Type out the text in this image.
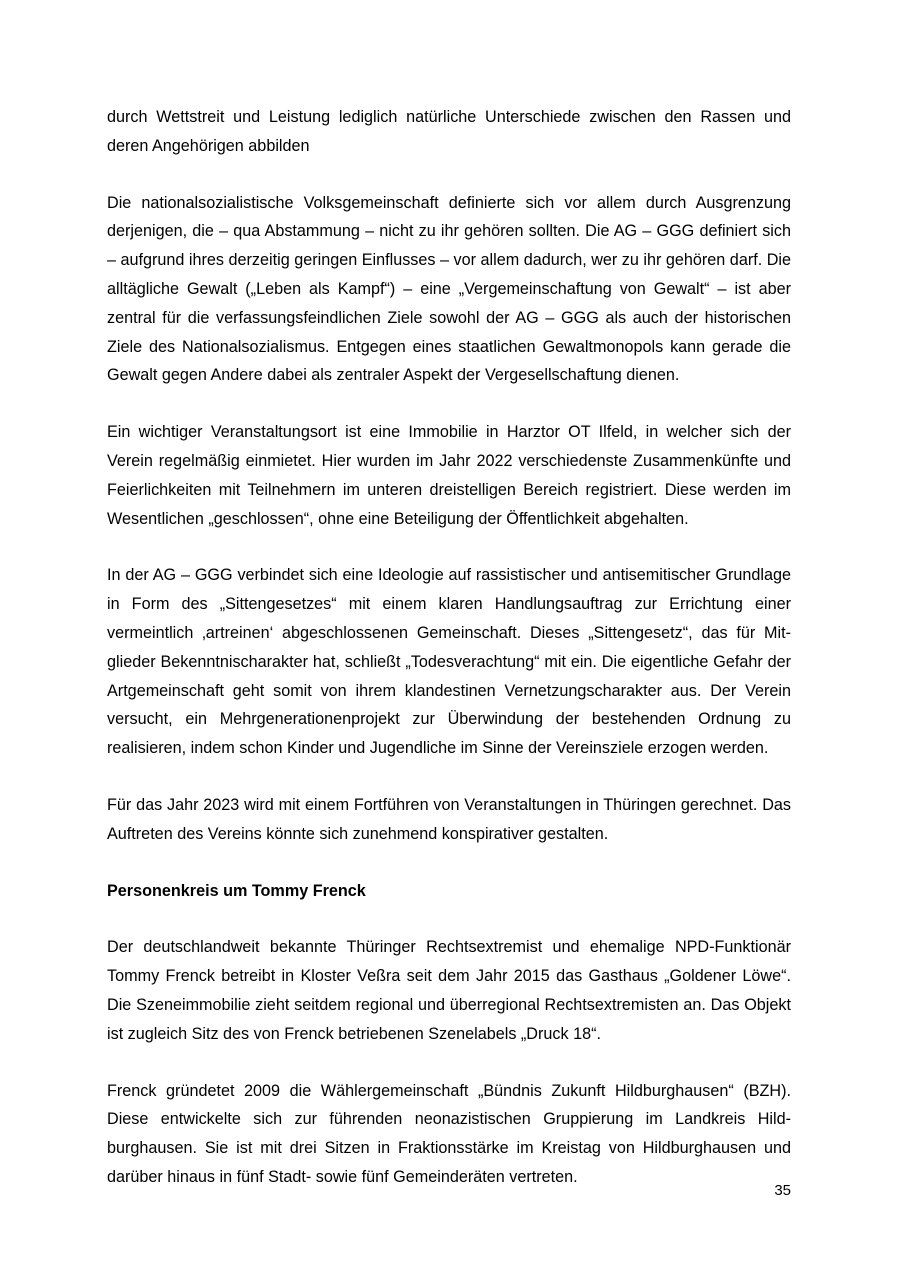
durch Wettstreit und Leistung lediglich natürliche Unterschiede zwischen den Rassen und deren Angehörigen abbilden

Die nationalsozialistische Volksgemeinschaft definierte sich vor allem durch Ausgrenzung derjenigen, die – qua Abstammung – nicht zu ihr gehören sollten. Die AG – GGG definiert sich – aufgrund ihres derzeitig geringen Einflusses – vor allem dadurch, wer zu ihr gehören darf. Die alltägliche Gewalt („Leben als Kampf“) – eine „Vergemeinschaftung von Gewalt“ – ist aber zentral für die verfassungsfeindlichen Ziele sowohl der AG – GGG als auch der historischen Ziele des Nationalsozialismus. Entgegen eines staatlichen Gewaltmonopols kann gerade die Gewalt gegen Andere dabei als zentraler Aspekt der Vergesellschaftung dienen.

Ein wichtiger Veranstaltungsort ist eine Immobilie in Harztor OT Ilfeld, in welcher sich der Verein regelmäßig einmietet. Hier wurden im Jahr 2022 verschiedenste Zusammenkünfte und Feierlichkeiten mit Teilnehmern im unteren dreistelligen Bereich registriert. Diese werden im Wesentlichen „geschlossen“, ohne eine Beteiligung der Öffentlichkeit abgehalten.

In der AG – GGG verbindet sich eine Ideologie auf rassistischer und antisemitischer Grundlage in Form des „Sittengesetzes“ mit einem klaren Handlungsauftrag zur Errichtung einer vermeintlich ‚artreinen‘ abgeschlossenen Gemeinschaft. Dieses „Sittengesetz“, das für Mitglieder Bekenntnischarakter hat, schließt „Todesverachtung“ mit ein. Die eigentliche Gefahr der Artgemeinschaft geht somit von ihrem klandestinen Vernetzungscharakter aus. Der Verein versucht, ein Mehrgenerationenprojekt zur Überwindung der bestehenden Ordnung zu realisieren, indem schon Kinder und Jugendliche im Sinne der Vereinsziele erzogen werden.

Für das Jahr 2023 wird mit einem Fortführen von Veranstaltungen in Thüringen gerechnet. Das Auftreten des Vereins könnte sich zunehmend konspirativer gestalten.

Personenkreis um Tommy Frenck

Der deutschlandweit bekannte Thüringer Rechtsextremist und ehemalige NPD-Funktionär Tommy Frenck betreibt in Kloster Veßra seit dem Jahr 2015 das Gasthaus „Goldener Löwe“. Die Szeneimmobilie zieht seitdem regional und überregional Rechtsextremisten an. Das Objekt ist zugleich Sitz des von Frenck betriebenen Szenelabels „Druck 18“.

Frenck gründetet 2009 die Wählergemeinschaft „Bündnis Zukunft Hildburghausen“ (BZH). Diese entwickelte sich zur führenden neonazistischen Gruppierung im Landkreis Hildburghausen. Sie ist mit drei Sitzen in Fraktionsstärke im Kreistag von Hildburghausen und darüber hinaus in fünf Stadt- sowie fünf Gemeinderäten vertreten.

35
